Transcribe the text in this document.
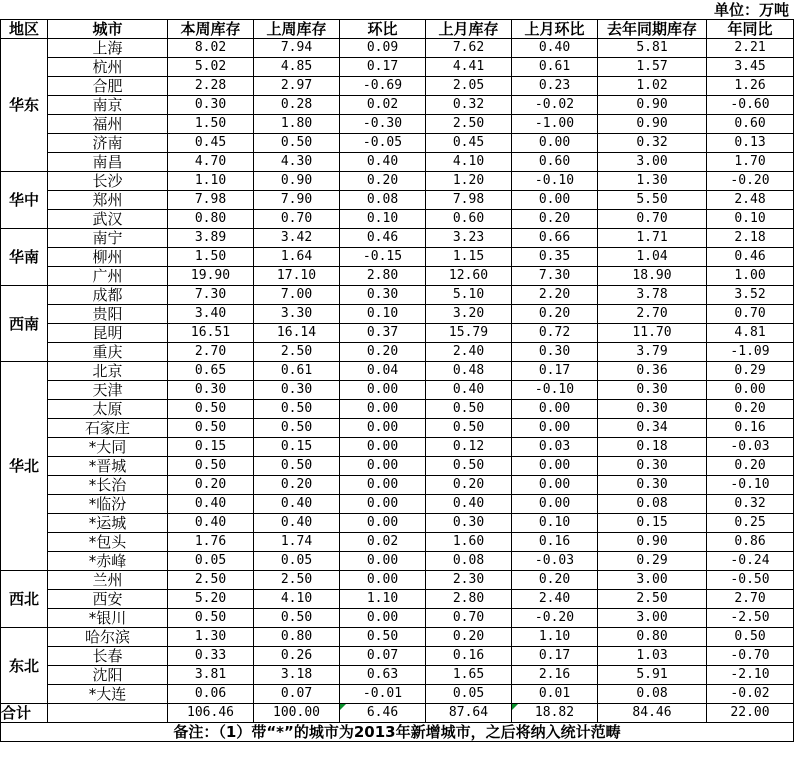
单位：万吨
地区	城市	本周库存	上周库存	环比	上月库存	上月环比	去年同期库存	年同比
华东	上海	8.02	7.94	0.09	7.62	0.40	5.81	2.21
	杭州	5.02	4.85	0.17	4.41	0.61	1.57	3.45
	合肥	2.28	2.97	-0.69	2.05	0.23	1.02	1.26
	南京	0.30	0.28	0.02	0.32	-0.02	0.90	-0.60
	福州	1.50	1.80	-0.30	2.50	-1.00	0.90	0.60
	济南	0.45	0.50	-0.05	0.45	0.00	0.32	0.13
	南昌	4.70	4.30	0.40	4.10	0.60	3.00	1.70
华中	长沙	1.10	0.90	0.20	1.20	-0.10	1.30	-0.20
	郑州	7.98	7.90	0.08	7.98	0.00	5.50	2.48
	武汉	0.80	0.70	0.10	0.60	0.20	0.70	0.10
华南	南宁	3.89	3.42	0.46	3.23	0.66	1.71	2.18
	柳州	1.50	1.64	-0.15	1.15	0.35	1.04	0.46
	广州	19.90	17.10	2.80	12.60	7.30	18.90	1.00
西南	成都	7.30	7.00	0.30	5.10	2.20	3.78	3.52
	贵阳	3.40	3.30	0.10	3.20	0.20	2.70	0.70
	昆明	16.51	16.14	0.37	15.79	0.72	11.70	4.81
	重庆	2.70	2.50	0.20	2.40	0.30	3.79	-1.09
华北	北京	0.65	0.61	0.04	0.48	0.17	0.36	0.29
	天津	0.30	0.30	0.00	0.40	-0.10	0.30	0.00
	太原	0.50	0.50	0.00	0.50	0.00	0.30	0.20
	石家庄	0.50	0.50	0.00	0.50	0.00	0.34	0.16
	*大同	0.15	0.15	0.00	0.12	0.03	0.18	-0.03
	*晋城	0.50	0.50	0.00	0.50	0.00	0.30	0.20
	*长治	0.20	0.20	0.00	0.20	0.00	0.30	-0.10
	*临汾	0.40	0.40	0.00	0.40	0.00	0.08	0.32
	*运城	0.40	0.40	0.00	0.30	0.10	0.15	0.25
	*包头	1.76	1.74	0.02	1.60	0.16	0.90	0.86
	*赤峰	0.05	0.05	0.00	0.08	-0.03	0.29	-0.24
西北	兰州	2.50	2.50	0.00	2.30	0.20	3.00	-0.50
	西安	5.20	4.10	1.10	2.80	2.40	2.50	2.70
	*银川	0.50	0.50	0.00	0.70	-0.20	3.00	-2.50
东北	哈尔滨	1.30	0.80	0.50	0.20	1.10	0.80	0.50
	长春	0.33	0.26	0.07	0.16	0.17	1.03	-0.70
	沈阳	3.81	3.18	0.63	1.65	2.16	5.91	-2.10
	*大连	0.06	0.07	-0.01	0.05	0.01	0.08	-0.02
合计		106.46	100.00	6.46	87.64	18.82	84.46	22.00
备注：（1）带“*”的城市为2013年新增城市，之后将纳入统计范畴								
